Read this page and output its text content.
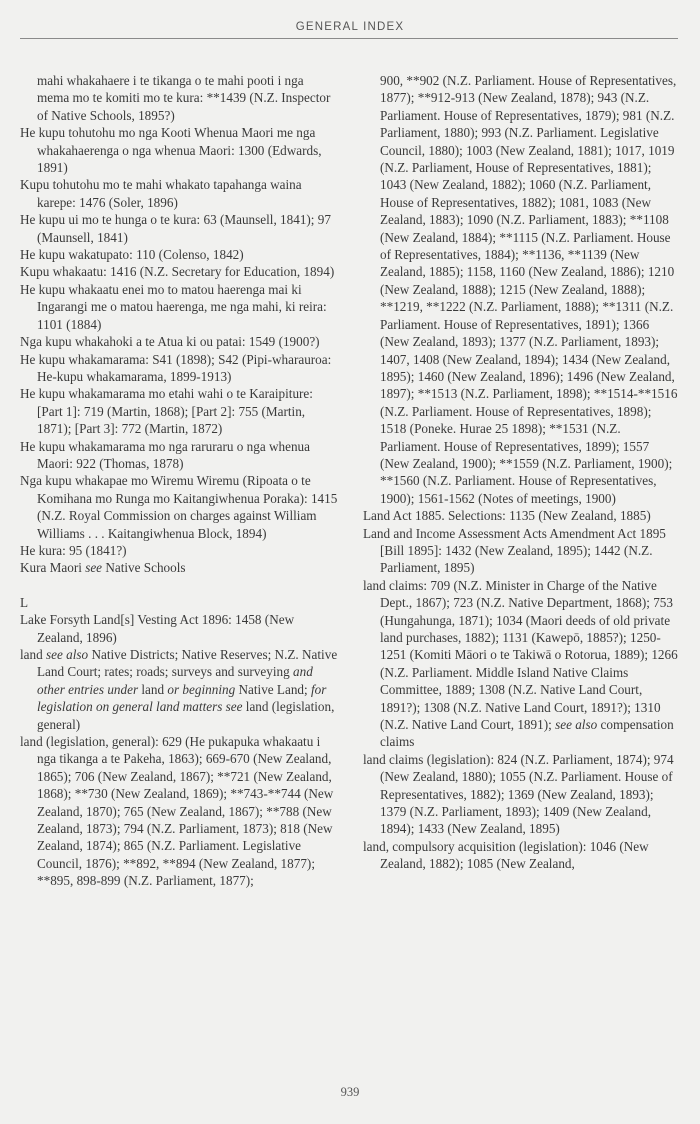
GENERAL INDEX
mahi whakahaere i te tikanga o te mahi pooti i nga mema mo te komiti mo te kura: **1439 (N.Z. Inspector of Native Schools, 1895?)
He kupu tohutohu mo nga Kooti Whenua Maori me nga whakahaerenga o nga whenua Maori: 1300 (Edwards, 1891)
Kupu tohutohu mo te mahi whakato tapahanga waina karepe: 1476 (Soler, 1896)
He kupu ui mo te hunga o te kura: 63 (Maunsell, 1841); 97 (Maunsell, 1841)
He kupu wakatupato: 110 (Colenso, 1842)
Kupu whakaatu: 1416 (N.Z. Secretary for Education, 1894)
He kupu whakaatu enei mo to matou haerenga mai ki Ingarangi me o matou haerenga, me nga mahi, ki reira: 1101 (1884)
Nga kupu whakahoki a te Atua ki ou patai: 1549 (1900?)
He kupu whakamarama: S41 (1898); S42 (Pipi-wharauroa: He-kupu whakamarama, 1899-1913)
He kupu whakamarama mo etahi wahi o te Karaipiture: [Part 1]: 719 (Martin, 1868); [Part 2]: 755 (Martin, 1871); [Part 3]: 772 (Martin, 1872)
He kupu whakamarama mo nga raruraru o nga whenua Maori: 922 (Thomas, 1878)
Nga kupu whakapae mo Wiremu Wiremu (Ripoata o te Komihana mo Runga mo Kaitangiwhenua Poraka): 1415 (N.Z. Royal Commission on charges against William Williams . . . Kaitangiwhenua Block, 1894)
He kura: 95 (1841?)
Kura Maori see Native Schools
L
Lake Forsyth Land[s] Vesting Act 1896: 1458 (New Zealand, 1896)
land see also Native Districts; Native Reserves; N.Z. Native Land Court; rates; roads; surveys and surveying and other entries under land or beginning Native Land; for legislation on general land matters see land (legislation, general)
land (legislation, general): 629 (He pukapuka whakaatu i nga tikanga a te Pakeha, 1863); 669-670 (New Zealand, 1865); 706 (New Zealand, 1867); **721 (New Zealand, 1868); **730 (New Zealand, 1869); **743-**744 (New Zealand, 1870); 765 (New Zealand, 1867); **788 (New Zealand, 1873); 794 (N.Z. Parliament, 1873); 818 (New Zealand, 1874); 865 (N.Z. Parliament. Legislative Council, 1876); **892, **894 (New Zealand, 1877); **895, 898-899 (N.Z. Parliament, 1877);
900, **902 (N.Z. Parliament. House of Representatives, 1877); **912-913 (New Zealand, 1878); 943 (N.Z. Parliament. House of Representatives, 1879); 981 (N.Z. Parliament, 1880); 993 (N.Z. Parliament. Legislative Council, 1880); 1003 (New Zealand, 1881); 1017, 1019 (N.Z. Parliament, House of Representatives, 1881); 1043 (New Zealand, 1882); 1060 (N.Z. Parliament, House of Representatives, 1882); 1081, 1083 (New Zealand, 1883); 1090 (N.Z. Parliament, 1883); **1108 (New Zealand, 1884); **1115 (N.Z. Parliament. House of Representatives, 1884); **1136, **1139 (New Zealand, 1885); 1158, 1160 (New Zealand, 1886); 1210 (New Zealand, 1888); 1215 (New Zealand, 1888); **1219, **1222 (N.Z. Parliament, 1888); **1311 (N.Z. Parliament. House of Representatives, 1891); 1366 (New Zealand, 1893); 1377 (N.Z. Parliament, 1893); 1407, 1408 (New Zealand, 1894); 1434 (New Zealand, 1895); 1460 (New Zealand, 1896); 1496 (New Zealand, 1897); **1513 (N.Z. Parliament, 1898); **1514-**1516 (N.Z. Parliament. House of Representatives, 1898); 1518 (Poneke. Hurae 25 1898); **1531 (N.Z. Parliament. House of Representatives, 1899); 1557 (New Zealand, 1900); **1559 (N.Z. Parliament, 1900); **1560 (N.Z. Parliament. House of Representatives, 1900); 1561-1562 (Notes of meetings, 1900)
Land Act 1885. Selections: 1135 (New Zealand, 1885)
Land and Income Assessment Acts Amendment Act 1895 [Bill 1895]: 1432 (New Zealand, 1895); 1442 (N.Z. Parliament, 1895)
land claims: 709 (N.Z. Minister in Charge of the Native Dept., 1867); 723 (N.Z. Native Department, 1868); 753 (Hungahunga, 1871); 1034 (Maori deeds of old private land purchases, 1882); 1131 (Kawepō, 1885?); 1250-1251 (Komiti Māori o te Takiwā o Rotorua, 1889); 1266 (N.Z. Parliament. Middle Island Native Claims Committee, 1889; 1308 (N.Z. Native Land Court, 1891?); 1308 (N.Z. Native Land Court, 1891?); 1310 (N.Z. Native Land Court, 1891); see also compensation claims
land claims (legislation): 824 (N.Z. Parliament, 1874); 974 (New Zealand, 1880); 1055 (N.Z. Parliament. House of Representatives, 1882); 1369 (New Zealand, 1893); 1379 (N.Z. Parliament, 1893); 1409 (New Zealand, 1894); 1433 (New Zealand, 1895)
land, compulsory acquisition (legislation): 1046 (New Zealand, 1882); 1085 (New Zealand,
939
